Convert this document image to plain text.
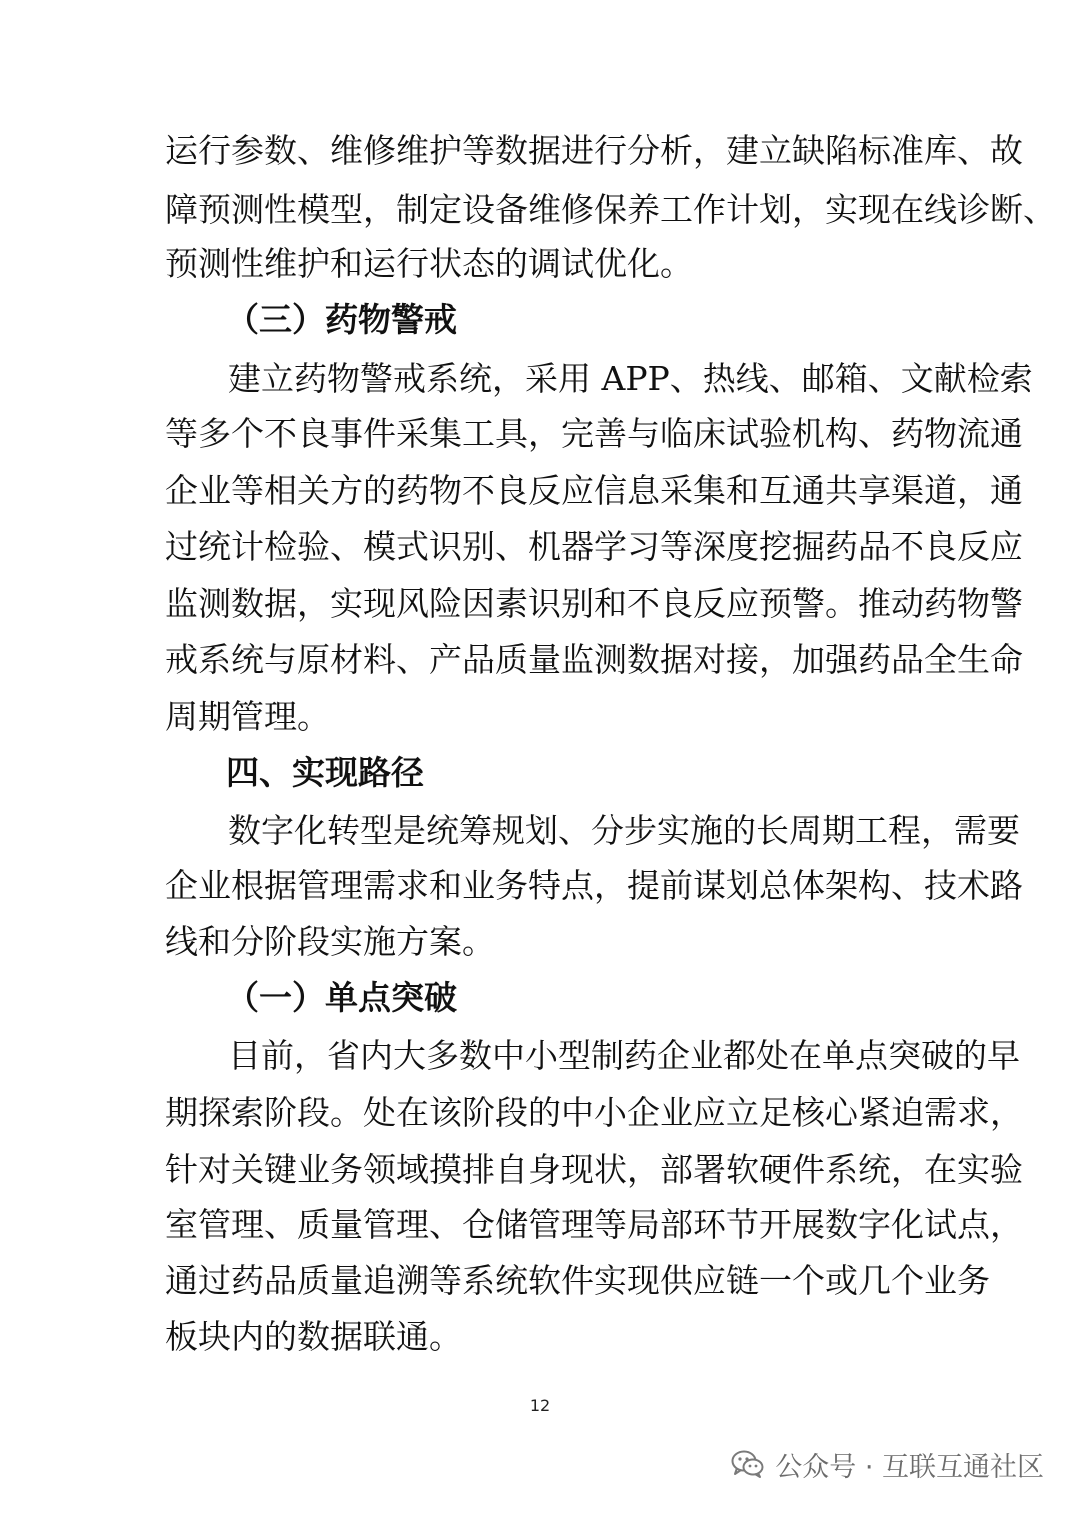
运行参数、维修维护等数据进行分析，建立缺陷标准库、故
障预测性模型，制定设备维修保养工作计划，实现在线诊断、
预测性维护和运行状态的调试优化。
（三）药物警戒
建立药物警戒系统，采用 APP、热线、邮箱、文献检索
等多个不良事件采集工具，完善与临床试验机构、药物流通
企业等相关方的药物不良反应信息采集和互通共享渠道，通
过统计检验、模式识别、机器学习等深度挖掘药品不良反应
监测数据，实现风险因素识别和不良反应预警。推动药物警
戒系统与原材料、产品质量监测数据对接，加强药品全生命
周期管理。
四、实现路径
数字化转型是统筹规划、分步实施的长周期工程，需要
企业根据管理需求和业务特点，提前谋划总体架构、技术路
线和分阶段实施方案。
（一）单点突破
目前，省内大多数中小型制药企业都处在单点突破的早
期探索阶段。处在该阶段的中小企业应立足核心紧迫需求，
针对关键业务领域摸排自身现状，部署软硬件系统，在实验
室管理、质量管理、仓储管理等局部环节开展数字化试点，
通过药品质量追溯等系统软件实现供应链一个或几个业务
板块内的数据联通。
12
公众号 · 互联互通社区
